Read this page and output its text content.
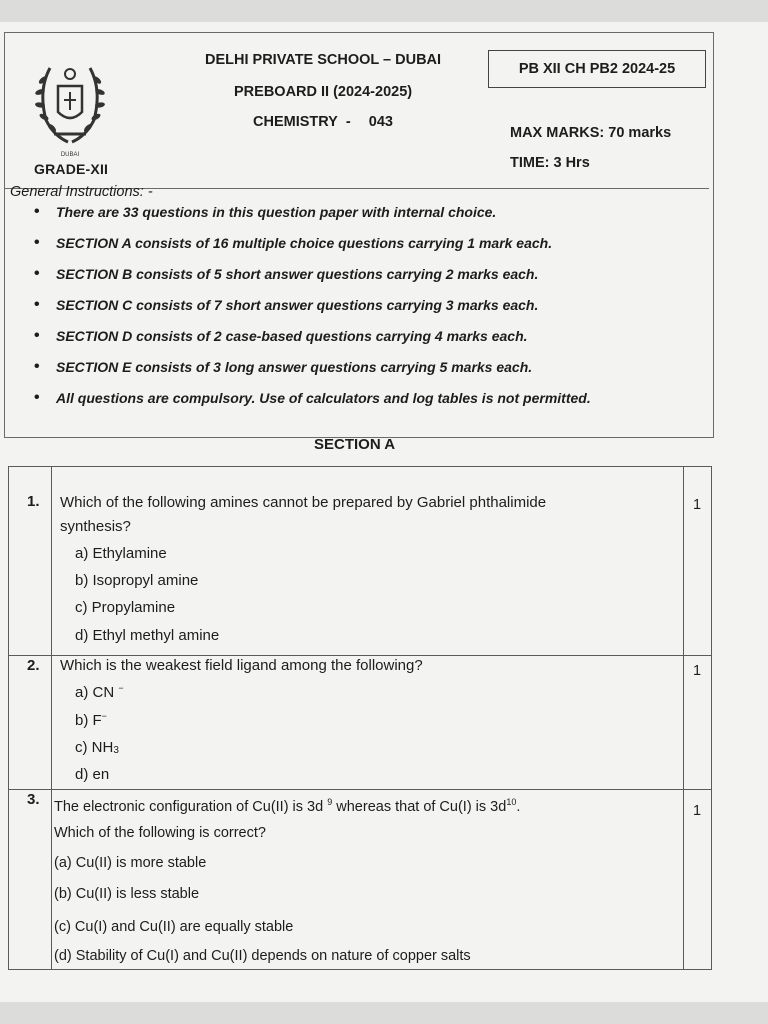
DUBAI
GRADE-XII
DELHI PRIVATE SCHOOL – DUBAI
PREBOARD II (2024-2025)
CHEMISTRY - 043
PB XII CH PB2 2024-25
MAX MARKS: 70 marks
TIME: 3 Hrs
General Instructions: -
• There are 33 questions in this question paper with internal choice.
• SECTION A consists of 16 multiple choice questions carrying 1 mark each.
• SECTION B consists of 5 short answer questions carrying 2 marks each.
• SECTION C consists of 7 short answer questions carrying 3 marks each.
• SECTION D consists of 2 case-based questions carrying 4 marks each.
• SECTION E consists of 3 long answer questions carrying 5 marks each.
• All questions are compulsory. Use of calculators and log tables is not permitted.
SECTION A
1.	1
Which of the following amines cannot be prepared by Gabriel phthalimide
synthesis?
a) Ethylamine
b) Isopropyl amine
c) Propylamine
d) Ethyl methyl amine
2.	1
Which is the weakest field ligand among the following?
a) CN −
b) F−
c) $NH_3$
d) en
3.
1
The electronic configuration of Cu(II) is 3d $^9$ whereas that of Cu(I) is $3d^{10}$.
Which of the following is correct?
(a) Cu(II) is more stable
(b) Cu(II) is less stable
(c) Cu(I) and Cu(II) are equally stable
(d) Stability of Cu(I) and Cu(II) depends on nature of copper salts
